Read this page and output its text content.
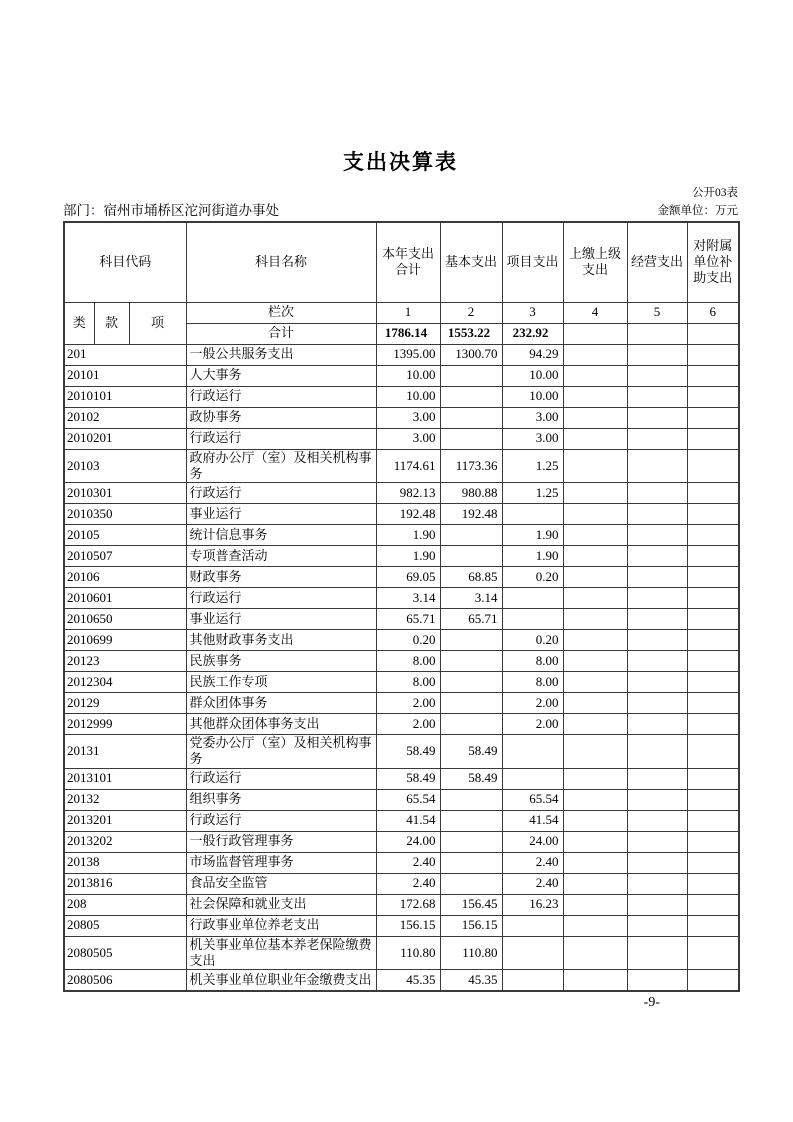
支出决算表
公开03表
部门：宿州市埇桥区沱河街道办事处	金额单位：万元
科目代码			科目名称	本年支出合计	基本支出	项目支出	上缴上级支出	经营支出	对附属单位补助支出
类	款	项	栏次	1	2	3	4	5	6
			合计	1786.14	1553.22	232.92			
201			一般公共服务支出	1395.00	1300.70	94.29			
20101			人大事务	10.00		10.00			
2010101			行政运行	10.00		10.00			
20102			政协事务	3.00		3.00			
2010201			行政运行	3.00		3.00			
20103			政府办公厅（室）及相关机构事务	1174.61	1173.36	1.25			
2010301			行政运行	982.13	980.88	1.25			
2010350			事业运行	192.48	192.48				
20105			统计信息事务	1.90		1.90			
2010507			专项普查活动	1.90		1.90			
20106			财政事务	69.05	68.85	0.20			
2010601			行政运行	3.14	3.14				
2010650			事业运行	65.71	65.71				
2010699			其他财政事务支出	0.20		0.20			
20123			民族事务	8.00		8.00			
2012304			民族工作专项	8.00		8.00			
20129			群众团体事务	2.00		2.00			
2012999			其他群众团体事务支出	2.00		2.00			
20131			党委办公厅（室）及相关机构事务	58.49	58.49				
2013101			行政运行	58.49	58.49				
20132			组织事务	65.54		65.54			
2013201			行政运行	41.54		41.54			
2013202			一般行政管理事务	24.00		24.00			
20138			市场监督管理事务	2.40		2.40			
2013816			食品安全监管	2.40		2.40			
208			社会保障和就业支出	172.68	156.45	16.23			
20805			行政事业单位养老支出	156.15	156.15				
2080505			机关事业单位基本养老保险缴费支出	110.80	110.80				
2080506			机关事业单位职业年金缴费支出	45.35	45.35				
-9-
